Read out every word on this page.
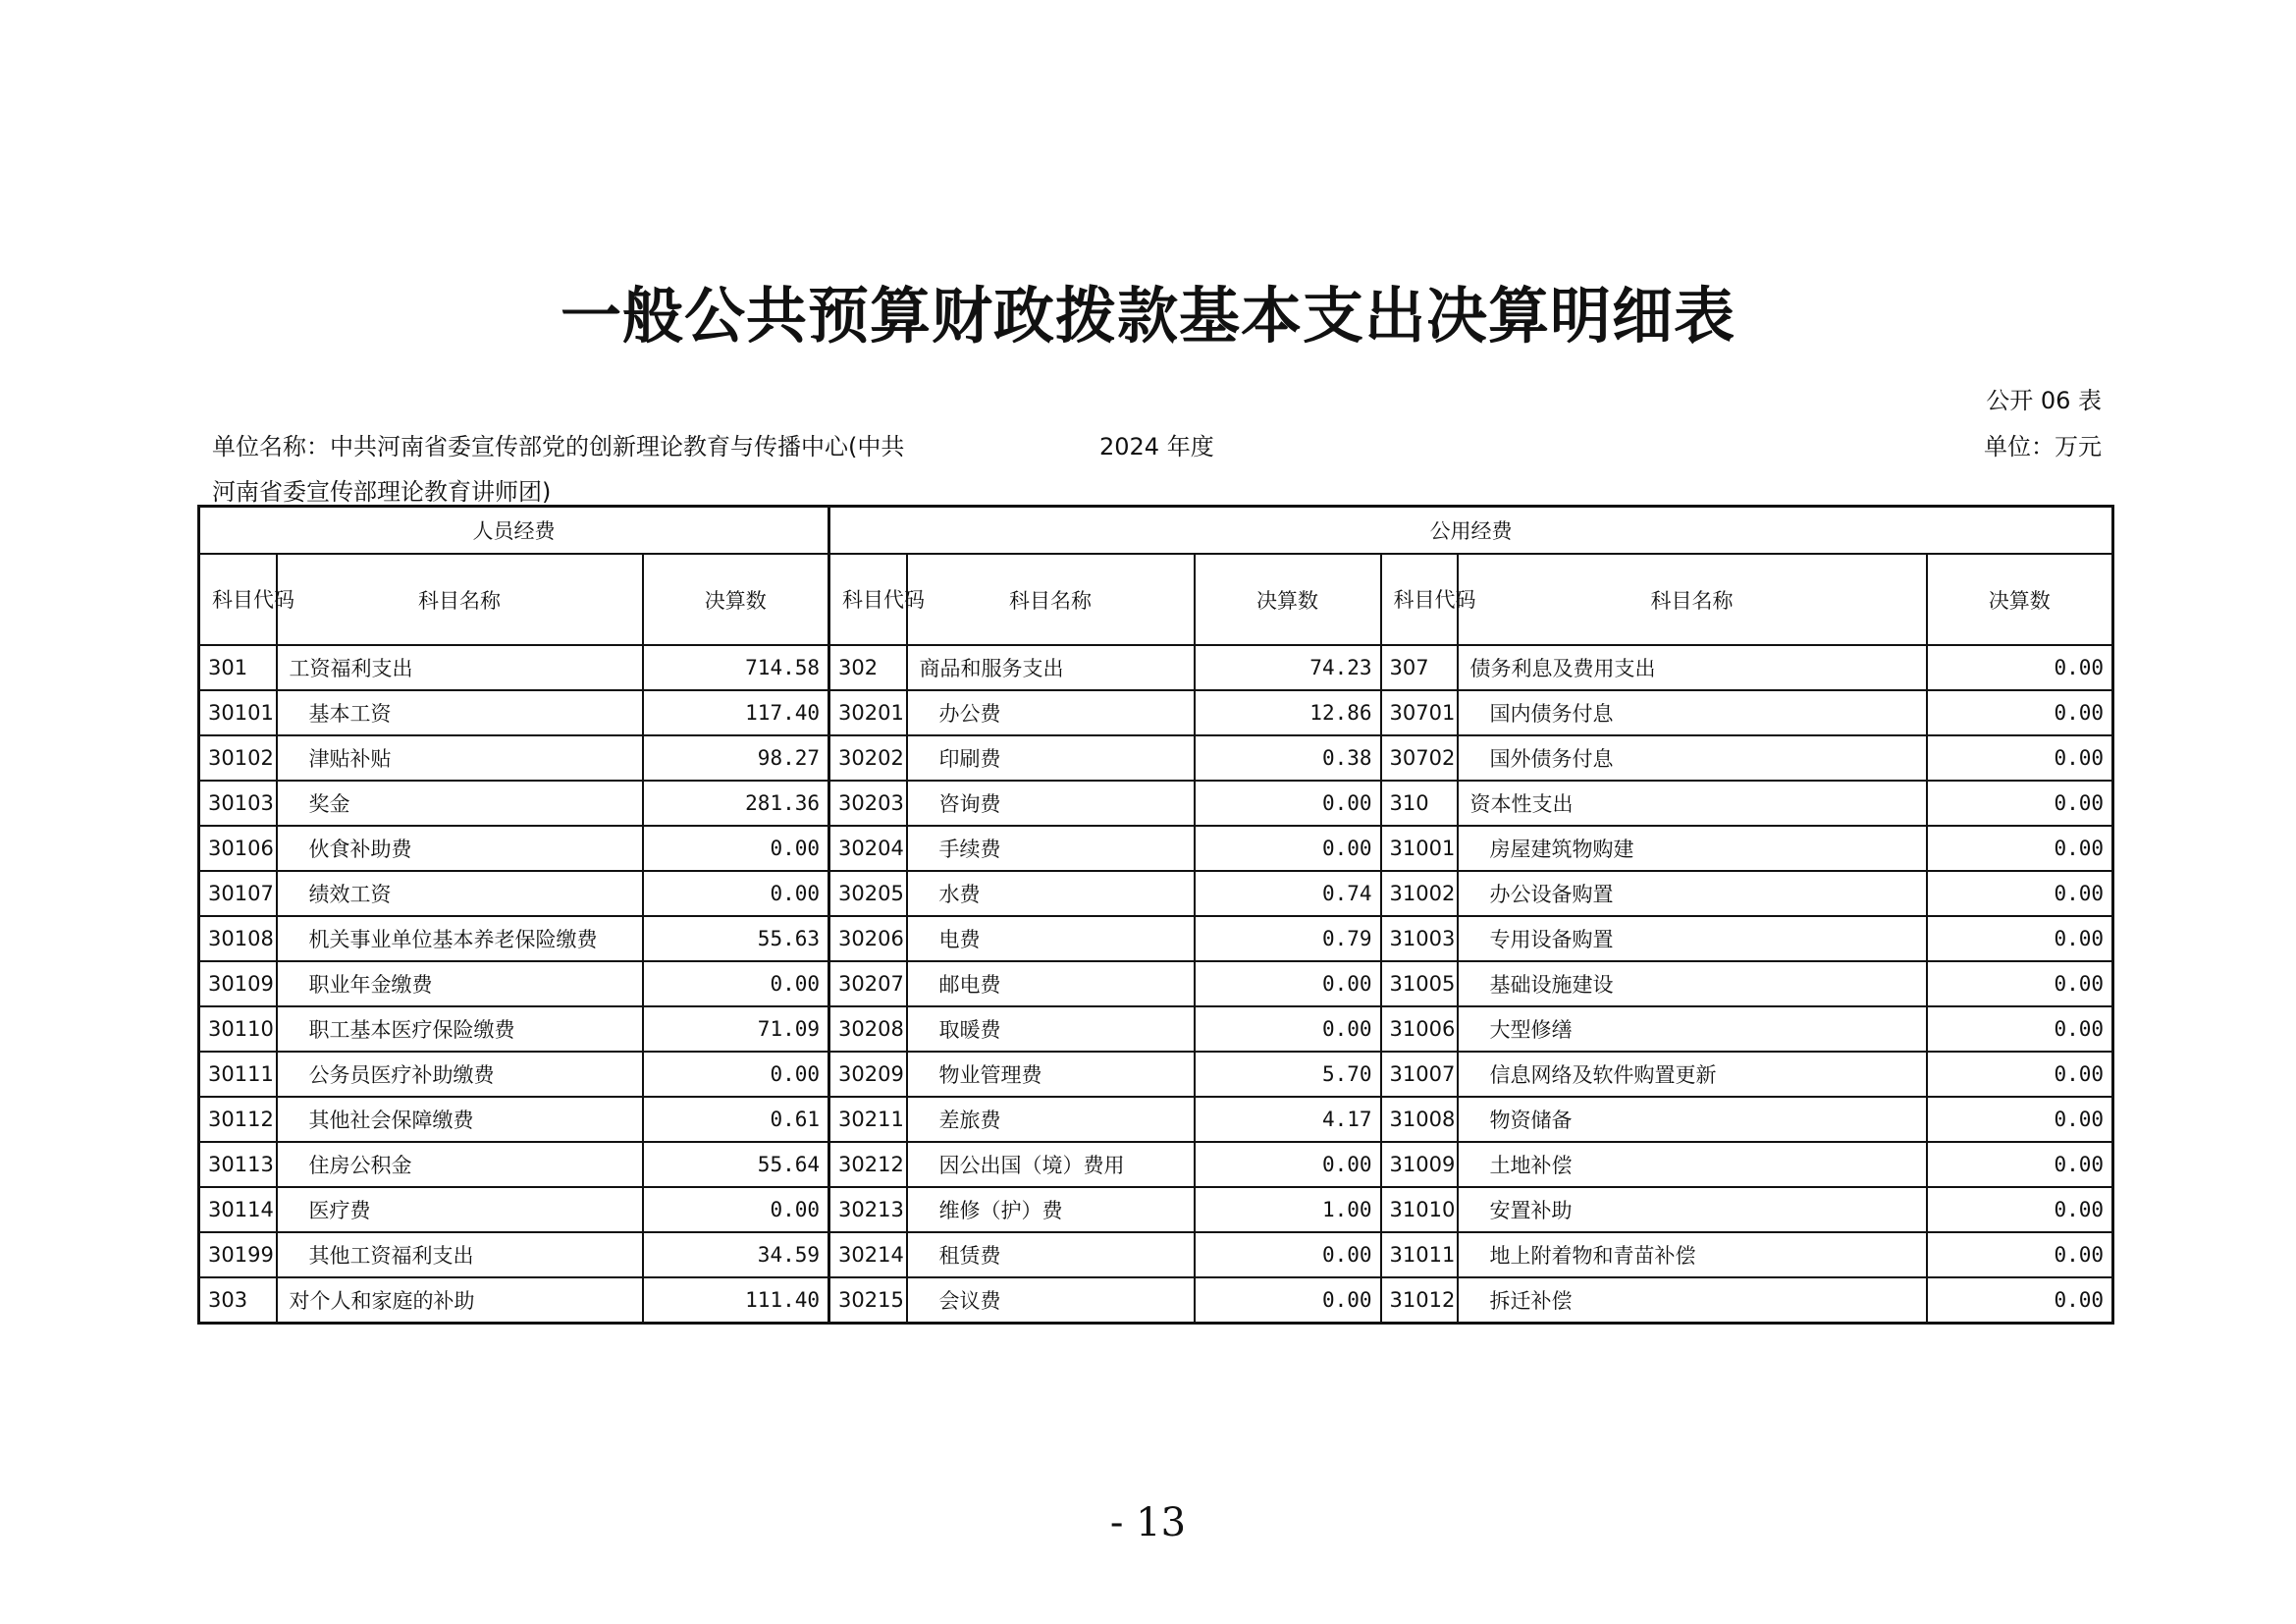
一般公共预算财政拨款基本支出决算明细表
公开 06 表
单位名称：中共河南省委宣传部党的创新理论教育与传播中心(中共
河南省委宣传部理论教育讲师团)
2024 年度	单位：万元
人员经费			公用经费					
科目代码	科目名称	决算数	科目代码	科目名称	决算数	科目代码	科目名称	决算数
301	工资福利支出	714.58	302	商品和服务支出	74.23	307	债务利息及费用支出	0.00
30101	基本工资	117.40	30201	办公费	12.86	30701	国内债务付息	0.00
30102	津贴补贴	98.27	30202	印刷费	0.38	30702	国外债务付息	0.00
30103	奖金	281.36	30203	咨询费	0.00	310	资本性支出	0.00
30106	伙食补助费	0.00	30204	手续费	0.00	31001	房屋建筑物购建	0.00
30107	绩效工资	0.00	30205	水费	0.74	31002	办公设备购置	0.00
30108	机关事业单位基本养老保险缴费	55.63	30206	电费	0.79	31003	专用设备购置	0.00
30109	职业年金缴费	0.00	30207	邮电费	0.00	31005	基础设施建设	0.00
30110	职工基本医疗保险缴费	71.09	30208	取暖费	0.00	31006	大型修缮	0.00
30111	公务员医疗补助缴费	0.00	30209	物业管理费	5.70	31007	信息网络及软件购置更新	0.00
30112	其他社会保障缴费	0.61	30211	差旅费	4.17	31008	物资储备	0.00
30113	住房公积金	55.64	30212	因公出国（境）费用	0.00	31009	土地补偿	0.00
30114	医疗费	0.00	30213	维修（护）费	1.00	31010	安置补助	0.00
30199	其他工资福利支出	34.59	30214	租赁费	0.00	31011	地上附着物和青苗补偿	0.00
303	对个人和家庭的补助	111.40	30215	会议费	0.00	31012	拆迁补偿	0.00
- 13
